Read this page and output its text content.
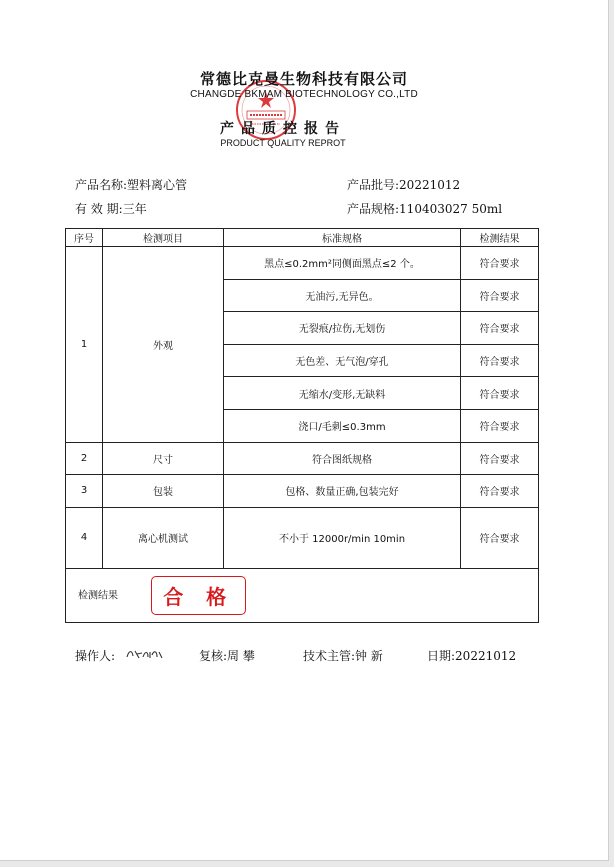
常德比克曼生物科技有限公司
CHANGDE BKMAM BIOTECHNOLOGY CO.,LTD
产品质控报告
PRODUCT QUALITY REPROT
产品名称:塑料离心管
有 效 期:三年
产品批号:20221012
产品规格:110403027 50ml
序号	检测项目	标准规格	检测结果
1	外观	黑点≤0.2mm²同侧面黑点≤2 个。	符合要求
		无油污,无异色。	符合要求
		无裂痕/拉伤,无划伤	符合要求
		无色差、无气泡/穿孔	符合要求
		无缩水/变形,无缺料	符合要求
		浇口/毛刺≤0.3mm	符合要求
2	尺寸	符合图纸规格	符合要求
3	包装	包格、数量正确,包装完好	符合要求
4	离心机测试	不小于 12000r/min 10min	符合要求
检测结果 合 格			
操作人:	复核:周 攀	技术主管:钟 新	日期:20221012
